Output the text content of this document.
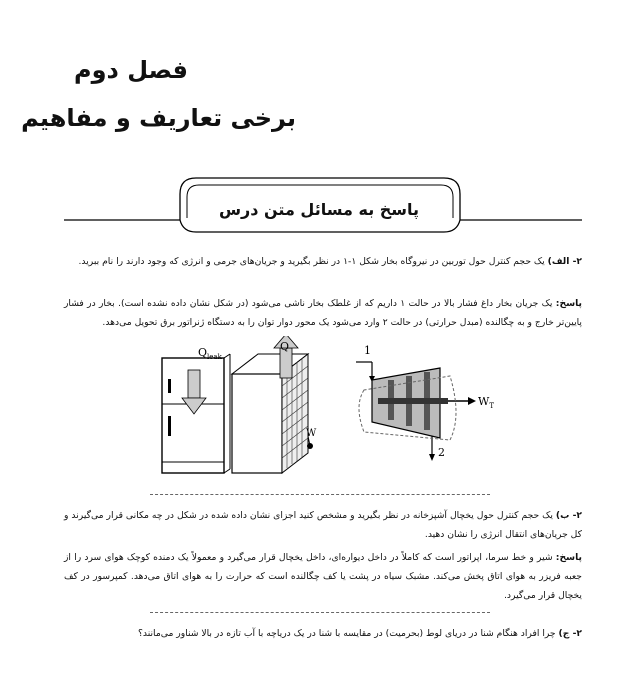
فصل دوم
برخی تعاریف و مفاهیم
پاسخ به مسائل متن درس

۲- الف) یک حجم کنترل حول توربین در نیروگاه بخار شکل ۱-۱ در نظر بگیرید و جریان‌های جرمی و انرژی که وجود دارند را نام ببرید.

پاسخ: یک جریان بخار داغ فشار بالا در حالت ۱ داریم که از غلطک بخار ناشی می‌شود (در شکل نشان داده نشده است). بخار در فشار پایین‌تر خارج و به چگالنده (مبدل حرارتی) در حالت ۲ وارد می‌شود یک محور دوار توان را به دستگاه ژنراتور برق تحویل می‌دهد.

$Q_{leak}$
Q
W
1
$W_T$
2

۲- ب) یک حجم کنترل حول یخچال آشپزخانه در نظر بگیرید و مشخص کنید اجزای نشان داده شده در شکل در چه مکانی قرار می‌گیرند و کل جریان‌های انتقال انرژی را نشان دهید.

پاسخ: شیر و خط سرما، اپراتور است که کاملاً در داخل دیواره‌ای، داخل یخچال قرار می‌گیرد و معمولاً یک دمنده کوچک هوای سرد را از جعبه فریزر به هوای اتاق پخش می‌کند. مشبک سیاه در پشت یا کف چگالنده است که حرارت را به هوای اتاق می‌دهد. کمپرسور در کف یخچال قرار می‌گیرد.

۲- ج) چرا افراد هنگام شنا در دریای لوط (بحرمیت) در مقایسه با شنا در یک دریاچه با آب تازه در بالا شناور می‌مانند؟
